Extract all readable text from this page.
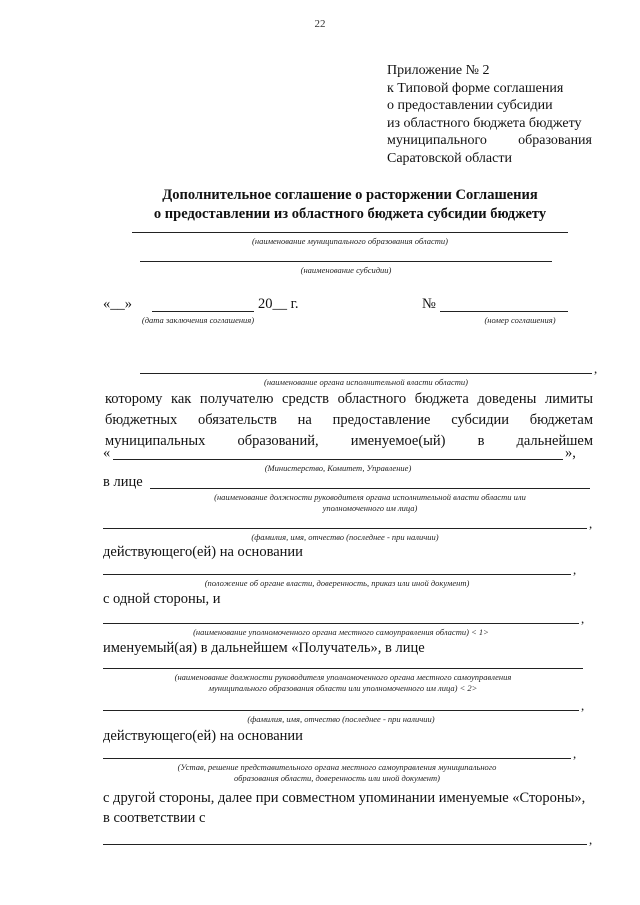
22
Приложение № 2
к Типовой форме соглашения
о предоставлении субсидии
из областного бюджета бюджету
муниципального образования
Саратовской области
Дополнительное соглашение о расторжении Соглашения
о предоставлении из областного бюджета субсидии бюджету
(наименование муниципального образования области)
(наименование субсидии)
«__»	20__ г.	№
(дата заключения соглашения)	(номер соглашения)
,
(наименование органа исполнительной власти области)
которому как получателю средств областного бюджета доведены лимиты
бюджетных обязательств на предоставление субсидии бюджетам
муниципальных образований, именуемое(ый) в дальнейшем
«	»,
(Министерство, Комитет, Управление)
в лице
(наименование должности руководителя органа исполнительной власти области или
уполномоченного им лица)
,
(фамилия, имя, отчество (последнее - при наличии)
действующего(ей) на основании
,
(положение об органе власти, доверенность, приказ или иной документ)
с одной стороны, и
,
(наименование уполномоченного органа местного самоуправления области) < 1>
именуемый(ая) в дальнейшем «Получатель», в лице
(наименование должности руководителя уполномоченного органа местного самоуправления
муниципального образования области или уполномоченного им лица) < 2>
,
(фамилия, имя, отчество (последнее - при наличии)
действующего(ей) на основании
,
(Устав, решение представительного органа местного самоуправления муниципального
образования области, доверенность или иной документ)
с другой стороны, далее при совместном упоминании именуемые «Стороны»,
в соответствии с
,
